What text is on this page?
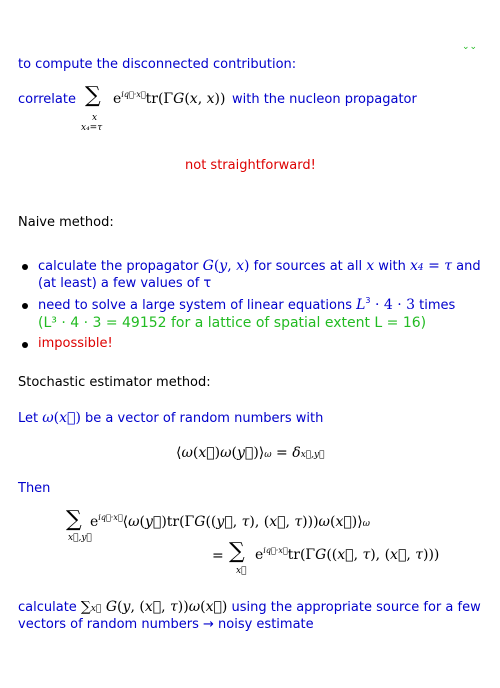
⌄⌄
to compute the disconnected contribution:
correlate ∑
x
x₄=τ
$e^{iq⃗\cdot x⃗}tr(\Gamma G(x$, x)) with the nucleon propagator
not straightforward!
Naive method:
calculate the propagator G(y, x) for sources at all x with x4 = τ and
(at least) a few values of τ
need to solve a large system of linear equations $L^3 \cdot 4 \cdot 3$ times
(L³ · 4 · 3 = 49152 for a lattice of spatial extent L = 16)
impossible!
Stochastic estimator method:
Let ω(x⃗) be a vector of random numbers with
⟨ω(x⃗)ω(y⃗)⟩ω = δx⃗,y⃗
Then
∑
x⃗,y⃗
$e^{iq⃗\cdot x⃗}⟨\omega(y⃗)tr(\Gamma G((y⃗$, τ), (x⃗, τ)))ω(x⃗)⟩ω
= ∑
x⃗
$e^{iq⃗\cdot x⃗}tr(\Gamma G((x⃗$, τ), (x⃗, τ)))
calculate ∑x⃗ G(y, (x⃗, τ))ω(x⃗) using the appropriate source for a few
vectors of random numbers → noisy estimate
